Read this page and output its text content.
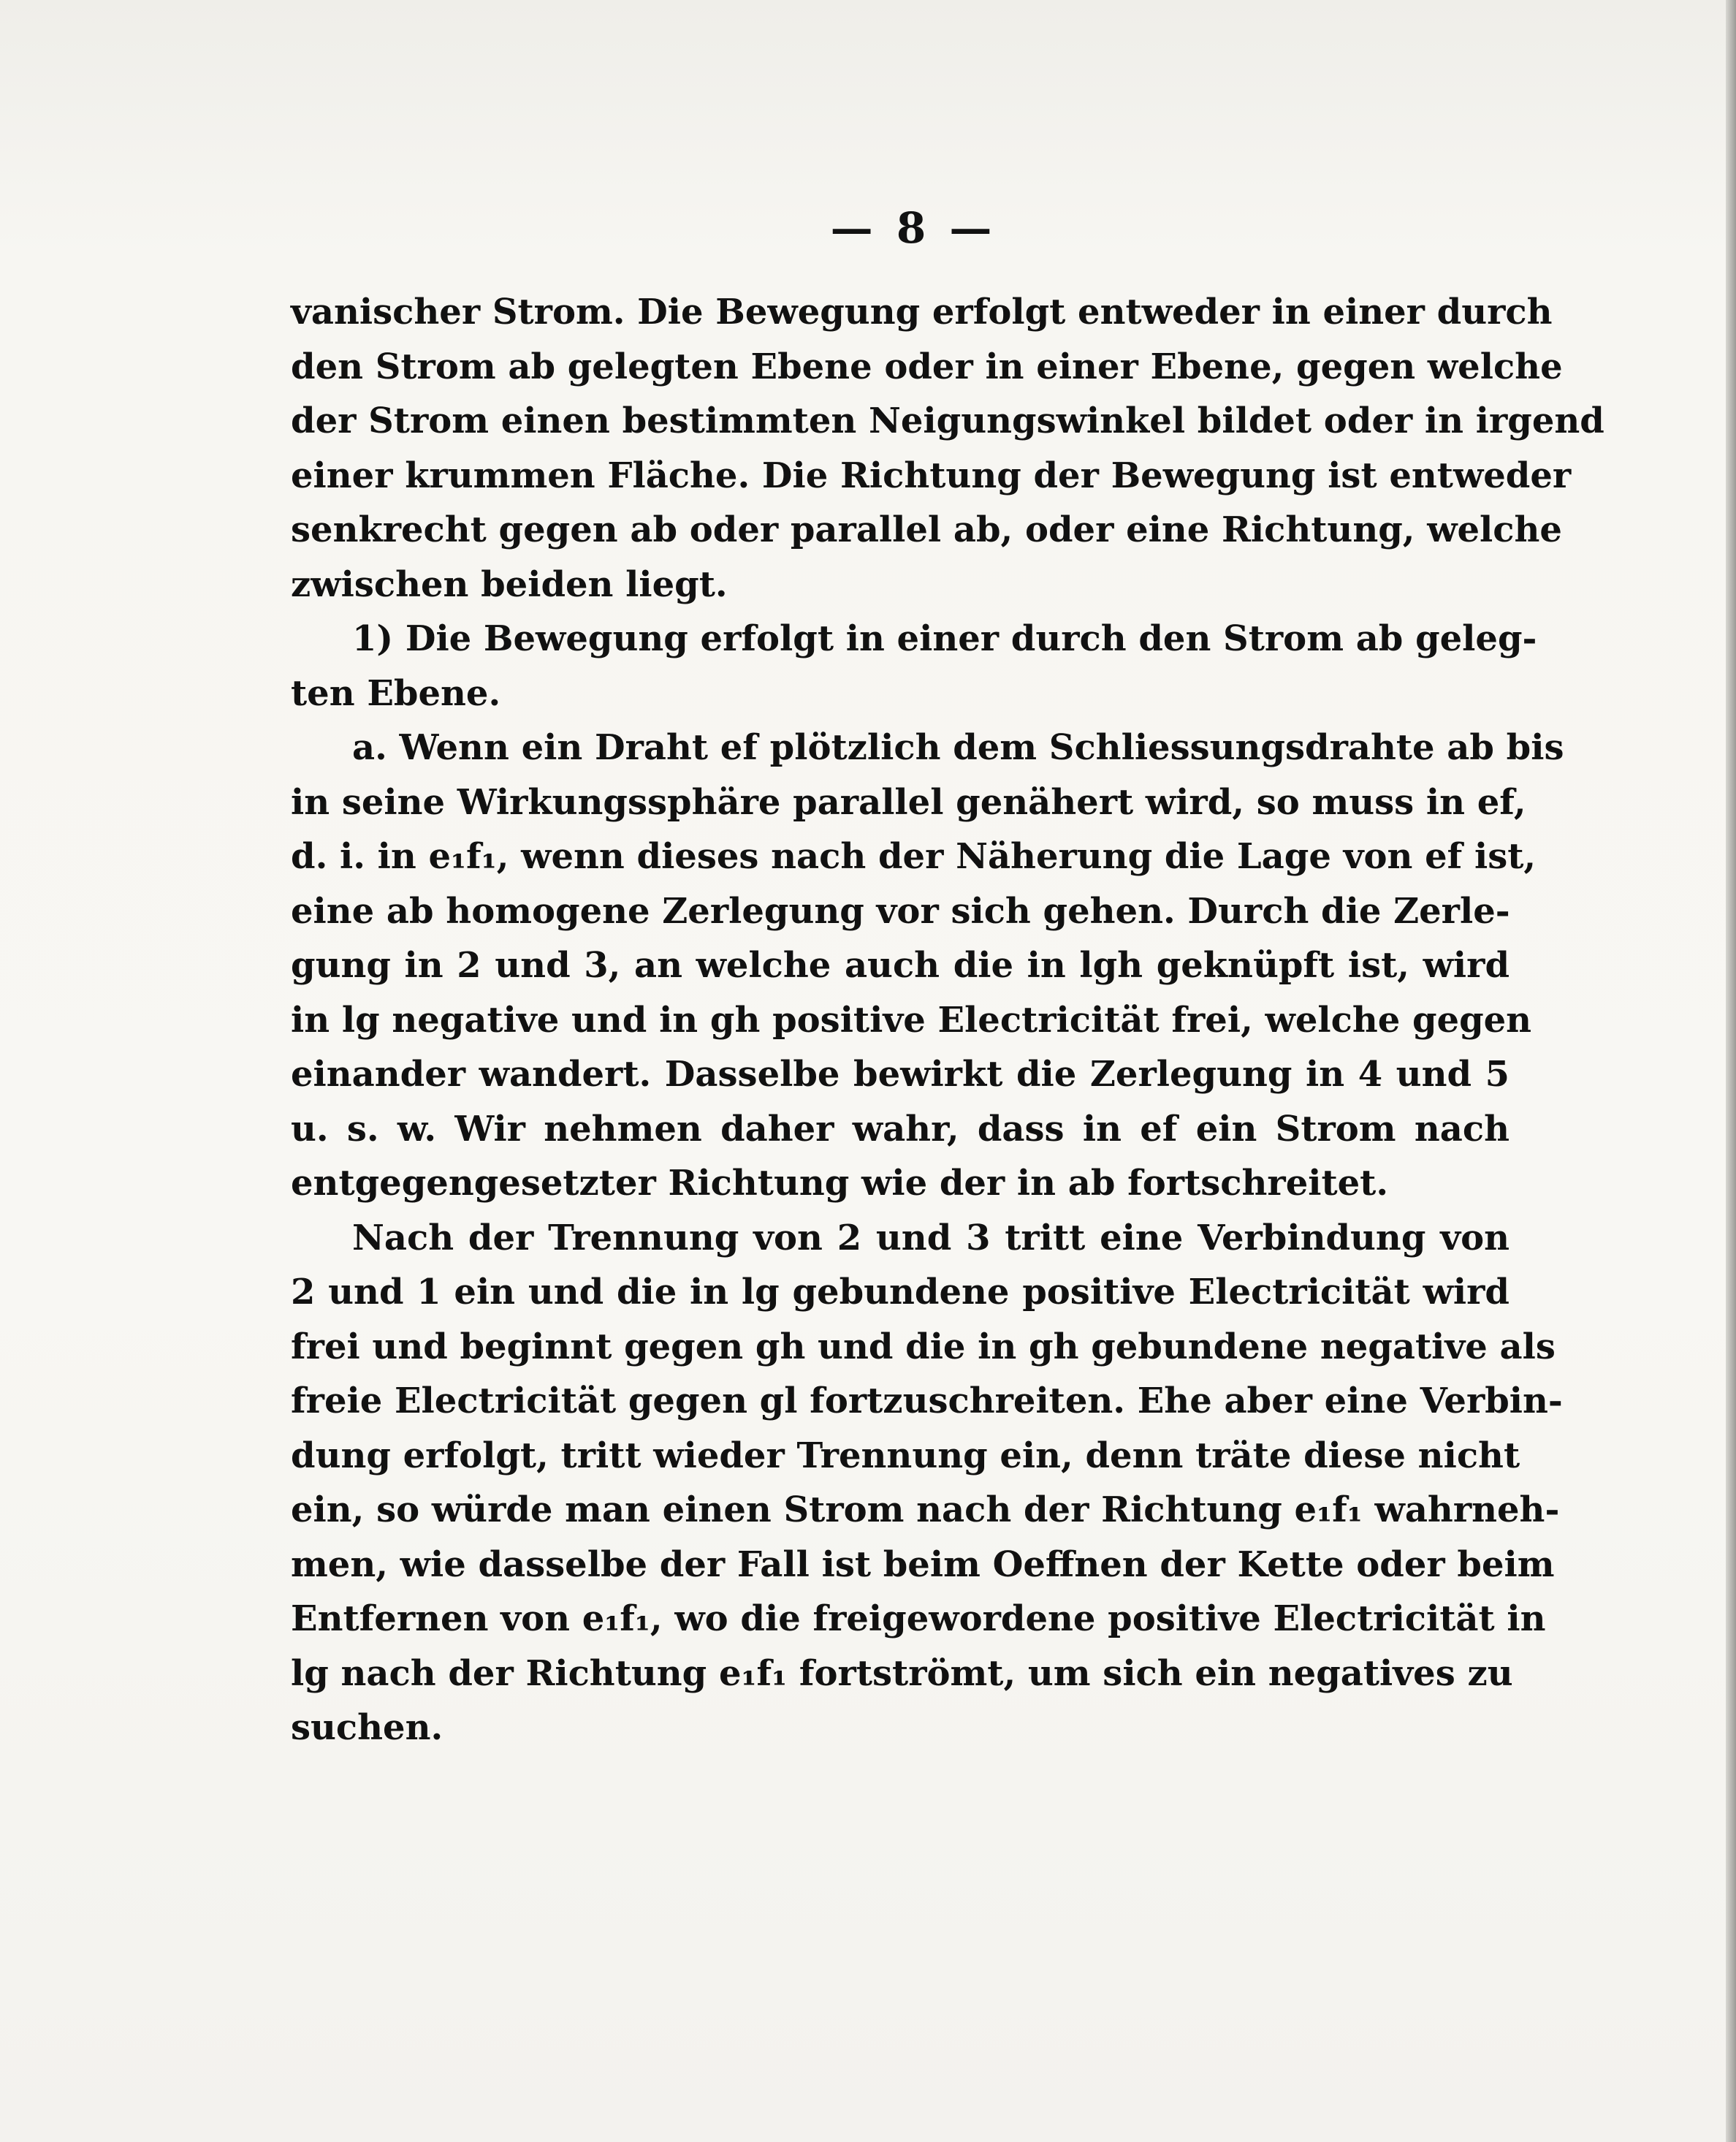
— 8 —
vanischer Strom. Die Bewegung erfolgt entweder in einer durch
den Strom ab gelegten Ebene oder in einer Ebene, gegen welche
der Strom einen bestimmten Neigungswinkel bildet oder in irgend
einer krummen Fläche. Die Richtung der Bewegung ist entweder
senkrecht gegen ab oder parallel ab, oder eine Richtung, welche
zwischen beiden liegt.
1) Die Bewegung erfolgt in einer durch den Strom ab geleg-
ten Ebene.
a. Wenn ein Draht ef plötzlich dem Schliessungsdrahte ab bis
in seine Wirkungssphäre parallel genähert wird, so muss in ef,
d. i. in e₁f₁, wenn dieses nach der Näherung die Lage von ef ist,
eine ab homogene Zerlegung vor sich gehen. Durch die Zerle-
gung in 2 und 3, an welche auch die in lgh geknüpft ist, wird
in lg negative und in gh positive Electricität frei, welche gegen
einander wandert. Dasselbe bewirkt die Zerlegung in 4 und 5
u. s. w. Wir nehmen daher wahr, dass in ef ein Strom nach
entgegengesetzter Richtung wie der in ab fortschreitet.
Nach der Trennung von 2 und 3 tritt eine Verbindung von
2 und 1 ein und die in lg gebundene positive Electricität wird
frei und beginnt gegen gh und die in gh gebundene negative als
freie Electricität gegen gl fortzuschreiten. Ehe aber eine Verbin-
dung erfolgt, tritt wieder Trennung ein, denn träte diese nicht
ein, so würde man einen Strom nach der Richtung e₁f₁ wahrneh-
men, wie dasselbe der Fall ist beim Oeffnen der Kette oder beim
Entfernen von e₁f₁, wo die freigewordene positive Electricität in
lg nach der Richtung e₁f₁ fortströmt, um sich ein negatives zu
suchen.
